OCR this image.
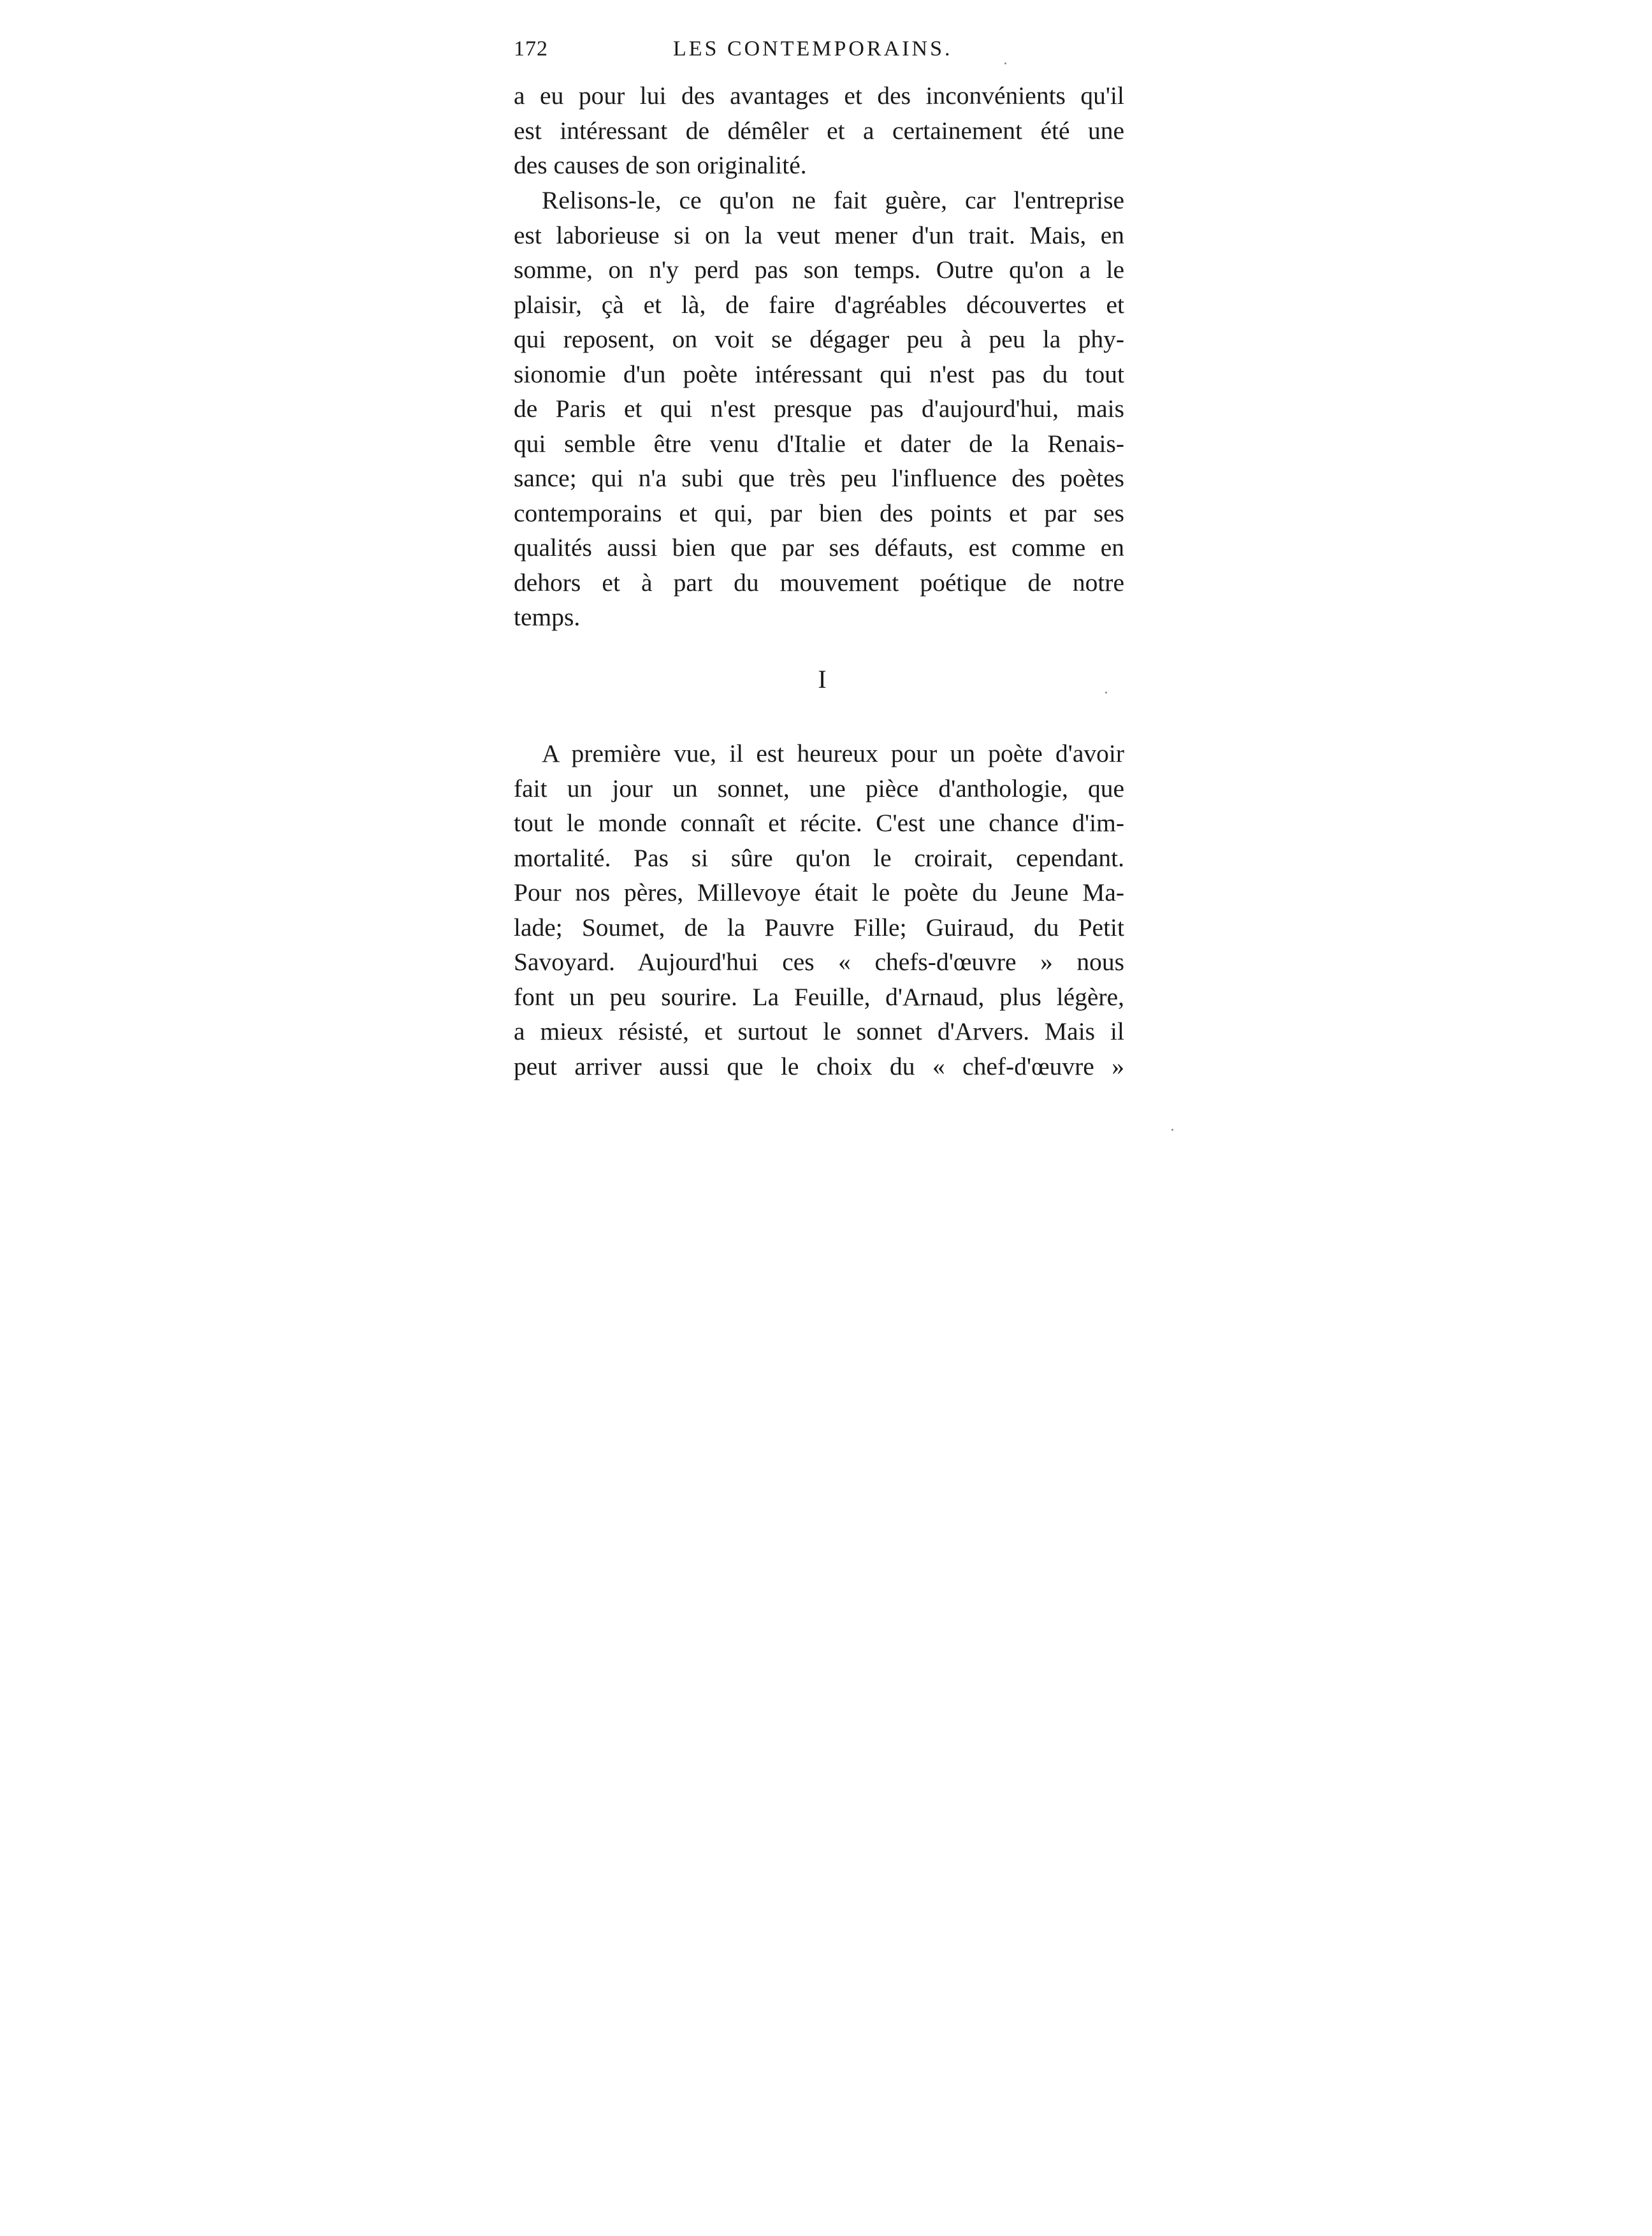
172	LES CONTEMPORAINS.
a eu pour lui des avantages et des inconvénients qu'il
est intéressant de démêler et a certainement été une
des causes de son originalité.
Relisons-le, ce qu'on ne fait guère, car l'entreprise
est laborieuse si on la veut mener d'un trait. Mais, en
somme, on n'y perd pas son temps. Outre qu'on a le
plaisir, çà et là, de faire d'agréables découvertes et
qui reposent, on voit se dégager peu à peu la phy-
sionomie d'un poète intéressant qui n'est pas du tout
de Paris et qui n'est presque pas d'aujourd'hui, mais
qui semble être venu d'Italie et dater de la Renais-
sance; qui n'a subi que très peu l'influence des poètes
contemporains et qui, par bien des points et par ses
qualités aussi bien que par ses défauts, est comme en
dehors et à part du mouvement poétique de notre
temps.
I
A première vue, il est heureux pour un poète d'avoir
fait un jour un sonnet, une pièce d'anthologie, que
tout le monde connaît et récite. C'est une chance d'im-
mortalité. Pas si sûre qu'on le croirait, cependant.
Pour nos pères, Millevoye était le poète du Jeune Ma-
lade; Soumet, de la Pauvre Fille; Guiraud, du Petit
Savoyard. Aujourd'hui ces « chefs-d'œuvre » nous
font un peu sourire. La Feuille, d'Arnaud, plus légère,
a mieux résisté, et surtout le sonnet d'Arvers. Mais il
peut arriver aussi que le choix du « chef-d'œuvre »
